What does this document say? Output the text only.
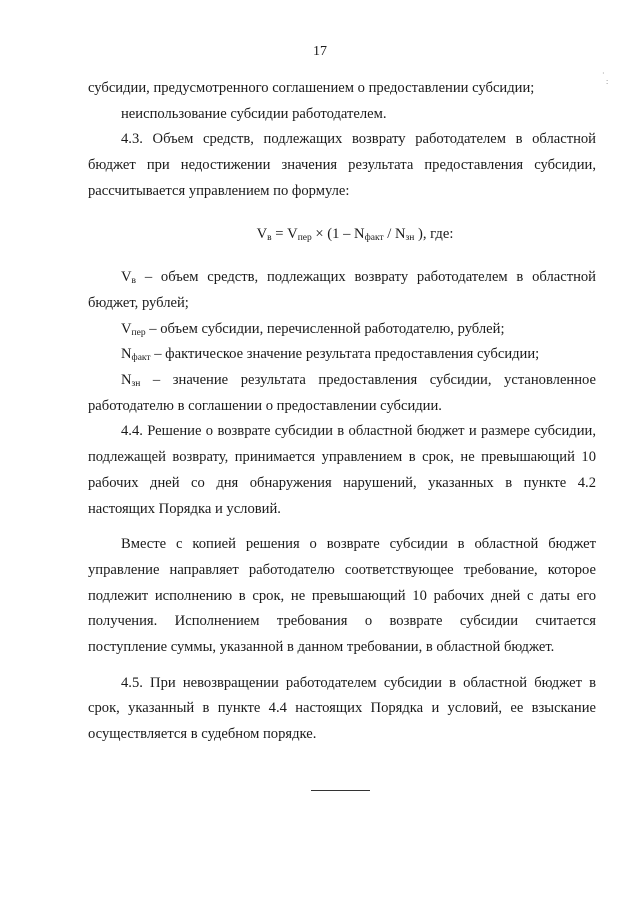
17
·
:

субсидии, предусмотренного соглашением о предоставлении субсидии;

неиспользование субсидии работодателем.

4.3. Объем средств, подлежащих возврату работодателем в областной бюджет при недостижении значения результата предоставления субсидии, рассчитывается управлением по формуле:

$V_в = V_{пер} \times (1 - N_{факт} / N_{зн}$ ), где:

$V_в$ – объем средств, подлежащих возврату работодателем в областной бюджет, рублей;

$V_{пер}$ – объем субсидии, перечисленной работодателю, рублей;

$N_{факт}$ – фактическое значение результата предоставления субсидии;

$N_{зн}$ – значение результата предоставления субсидии, установленное работодателю в соглашении о предоставлении субсидии.

4.4. Решение о возврате субсидии в областной бюджет и размере субсидии, подлежащей возврату, принимается управлением в срок, не превышающий 10 рабочих дней со дня обнаружения нарушений, указанных в пункте 4.2 настоящих Порядка и условий.

Вместе с копией решения о возврате субсидии в областной бюджет управление направляет работодателю соответствующее требование, которое подлежит исполнению в срок, не превышающий 10 рабочих дней с даты его получения. Исполнением требования о возврате субсидии считается поступление суммы, указанной в данном требовании, в областной бюджет.

4.5. При невозвращении работодателем субсидии в областной бюджет в срок, указанный в пункте 4.4 настоящих Порядка и условий, ее взыскание осуществляется в судебном порядке.
